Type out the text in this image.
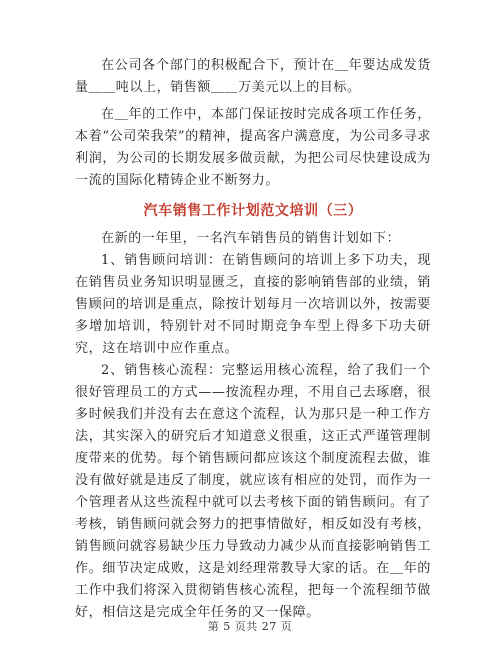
在公司各个部门的积极配合下，预计在＿年要达成发货量＿＿吨以上，销售额＿＿万美元以上的目标。

在＿年的工作中，本部门保证按时完成各项工作任务，本着“公司荣我荣”的精神，提高客户满意度，为公司多寻求利润，为公司的长期发展多做贡献，为把公司尽快建设成为一流的国际化精铸企业不断努力。

汽车销售工作计划范文培训（三）

在新的一年里，一名汽车销售员的销售计划如下：

1、销售顾问培训：在销售顾问的培训上多下功夫，现在销售员业务知识明显匮乏，直接的影响销售部的业绩，销售顾问的培训是重点，除按计划每月一次培训以外，按需要多增加培训，特别针对不同时期竞争车型上得多下功夫研究，这在培训中应作重点。

2、销售核心流程：完整运用核心流程，给了我们一个很好管理员工的方式——按流程办理，不用自己去琢磨，很多时候我们并没有去在意这个流程，认为那只是一种工作方法，其实深入的研究后才知道意义很重，这正式严谨管理制度带来的优势。每个销售顾问都应该这个制度流程去做，谁没有做好就是违反了制度，就应该有相应的处罚，而作为一个管理者从这些流程中就可以去考核下面的销售顾问。有了考核，销售顾问就会努力的把事情做好，相反如没有考核，销售顾问就容易缺少压力导致动力减少从而直接影响销售工作。细节决定成败，这是刘经理常教导大家的话。在＿年的工作中我们将深入贯彻销售核心流程，把每一个流程细节做好，相信这是完成全年任务的又一保障。

第 5 页共 27 页
